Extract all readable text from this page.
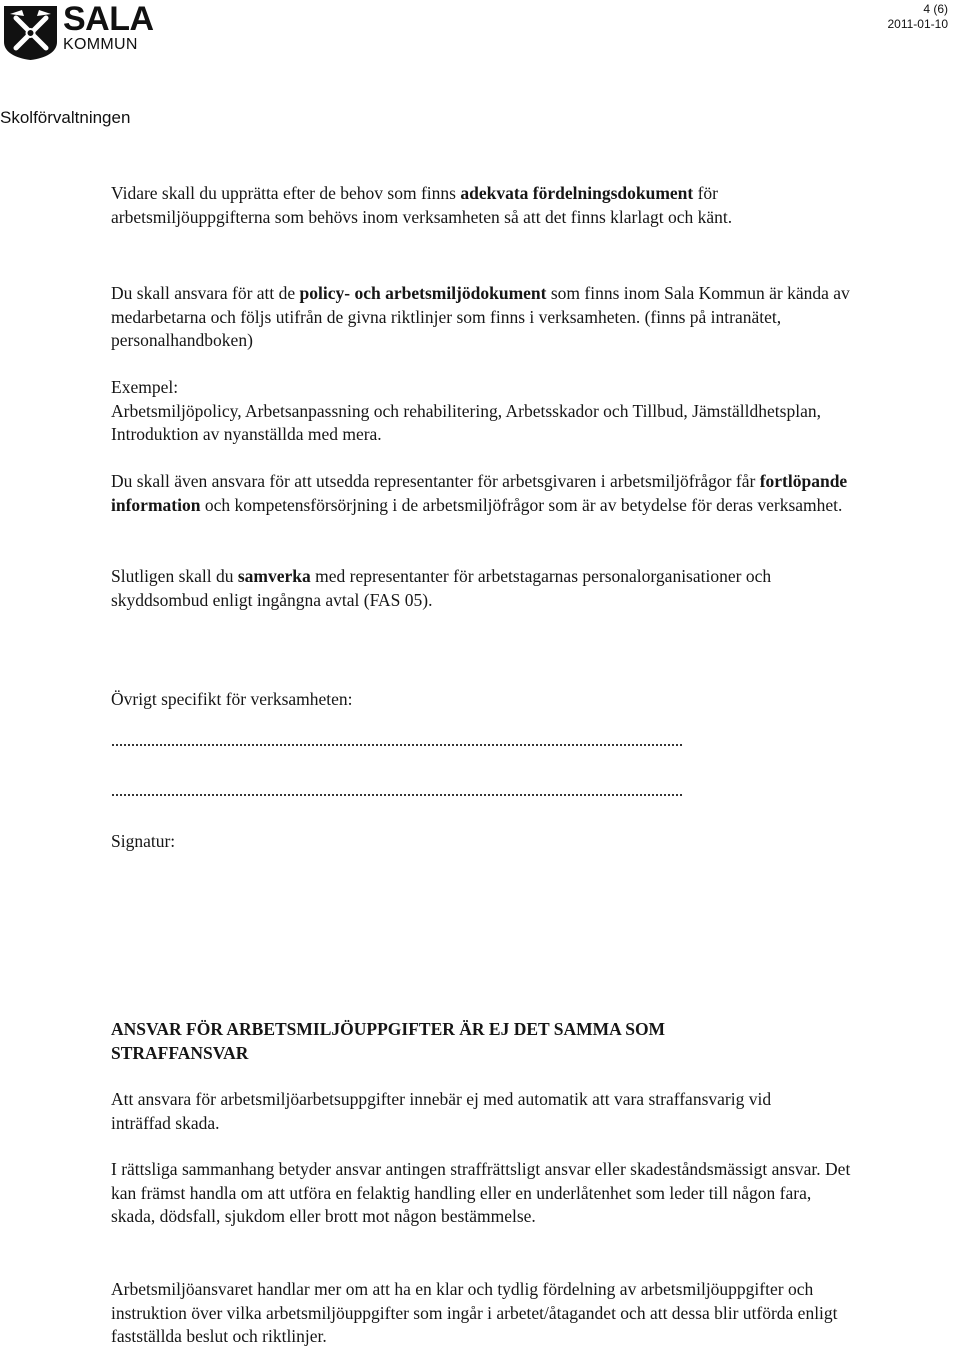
SALA
KOMMUN
4 (6)
2011-01-10
Skolförvaltningen

Vidare skall du upprätta efter de behov som finns adekvata fördelningsdokument för arbetsmiljöuppgifterna som behövs inom verksamheten så att det finns klarlagt och känt.

Du skall ansvara för att de policy- och arbetsmiljödokument som finns inom Sala Kommun är kända av medarbetarna och följs utifrån de givna riktlinjer som finns i verksamheten. (finns på intranätet, personalhandboken)

Exempel:
Arbetsmiljöpolicy, Arbetsanpassning och rehabilitering, Arbetsskador och Tillbud, Jämställdhetsplan, Introduktion av nyanställda med mera.

Du skall även ansvara för att utsedda representanter för arbetsgivaren i arbetsmiljöfrågor får fortlöpande information och kompetensförsörjning i de arbetsmiljöfrågor som är av betydelse för deras verksamhet.

Slutligen skall du samverka med representanter för arbetstagarnas personalorganisationer och skyddsombud enligt ingångna avtal (FAS 05).

Övrigt specifikt för verksamheten:

Signatur:

ANSVAR FÖR ARBETSMILJÖUPPGIFTER ÄR EJ DET SAMMA SOM STRAFFANSVAR

Att ansvara för arbetsmiljöarbetsuppgifter innebär ej med automatik att vara straffansvarig vid inträffad skada.

I rättsliga sammanhang betyder ansvar antingen straffrättsligt ansvar eller skadeståndsmässigt ansvar. Det kan främst handla om att utföra en felaktig handling eller en underlåtenhet som leder till någon fara, skada, dödsfall, sjukdom eller brott mot någon bestämmelse.

Arbetsmiljöansvaret handlar mer om att ha en klar och tydlig fördelning av arbetsmiljöuppgifter och instruktion över vilka arbetsmiljöuppgifter som ingår i arbetet/åtagandet och att dessa blir utförda enligt fastställda beslut och riktlinjer.
